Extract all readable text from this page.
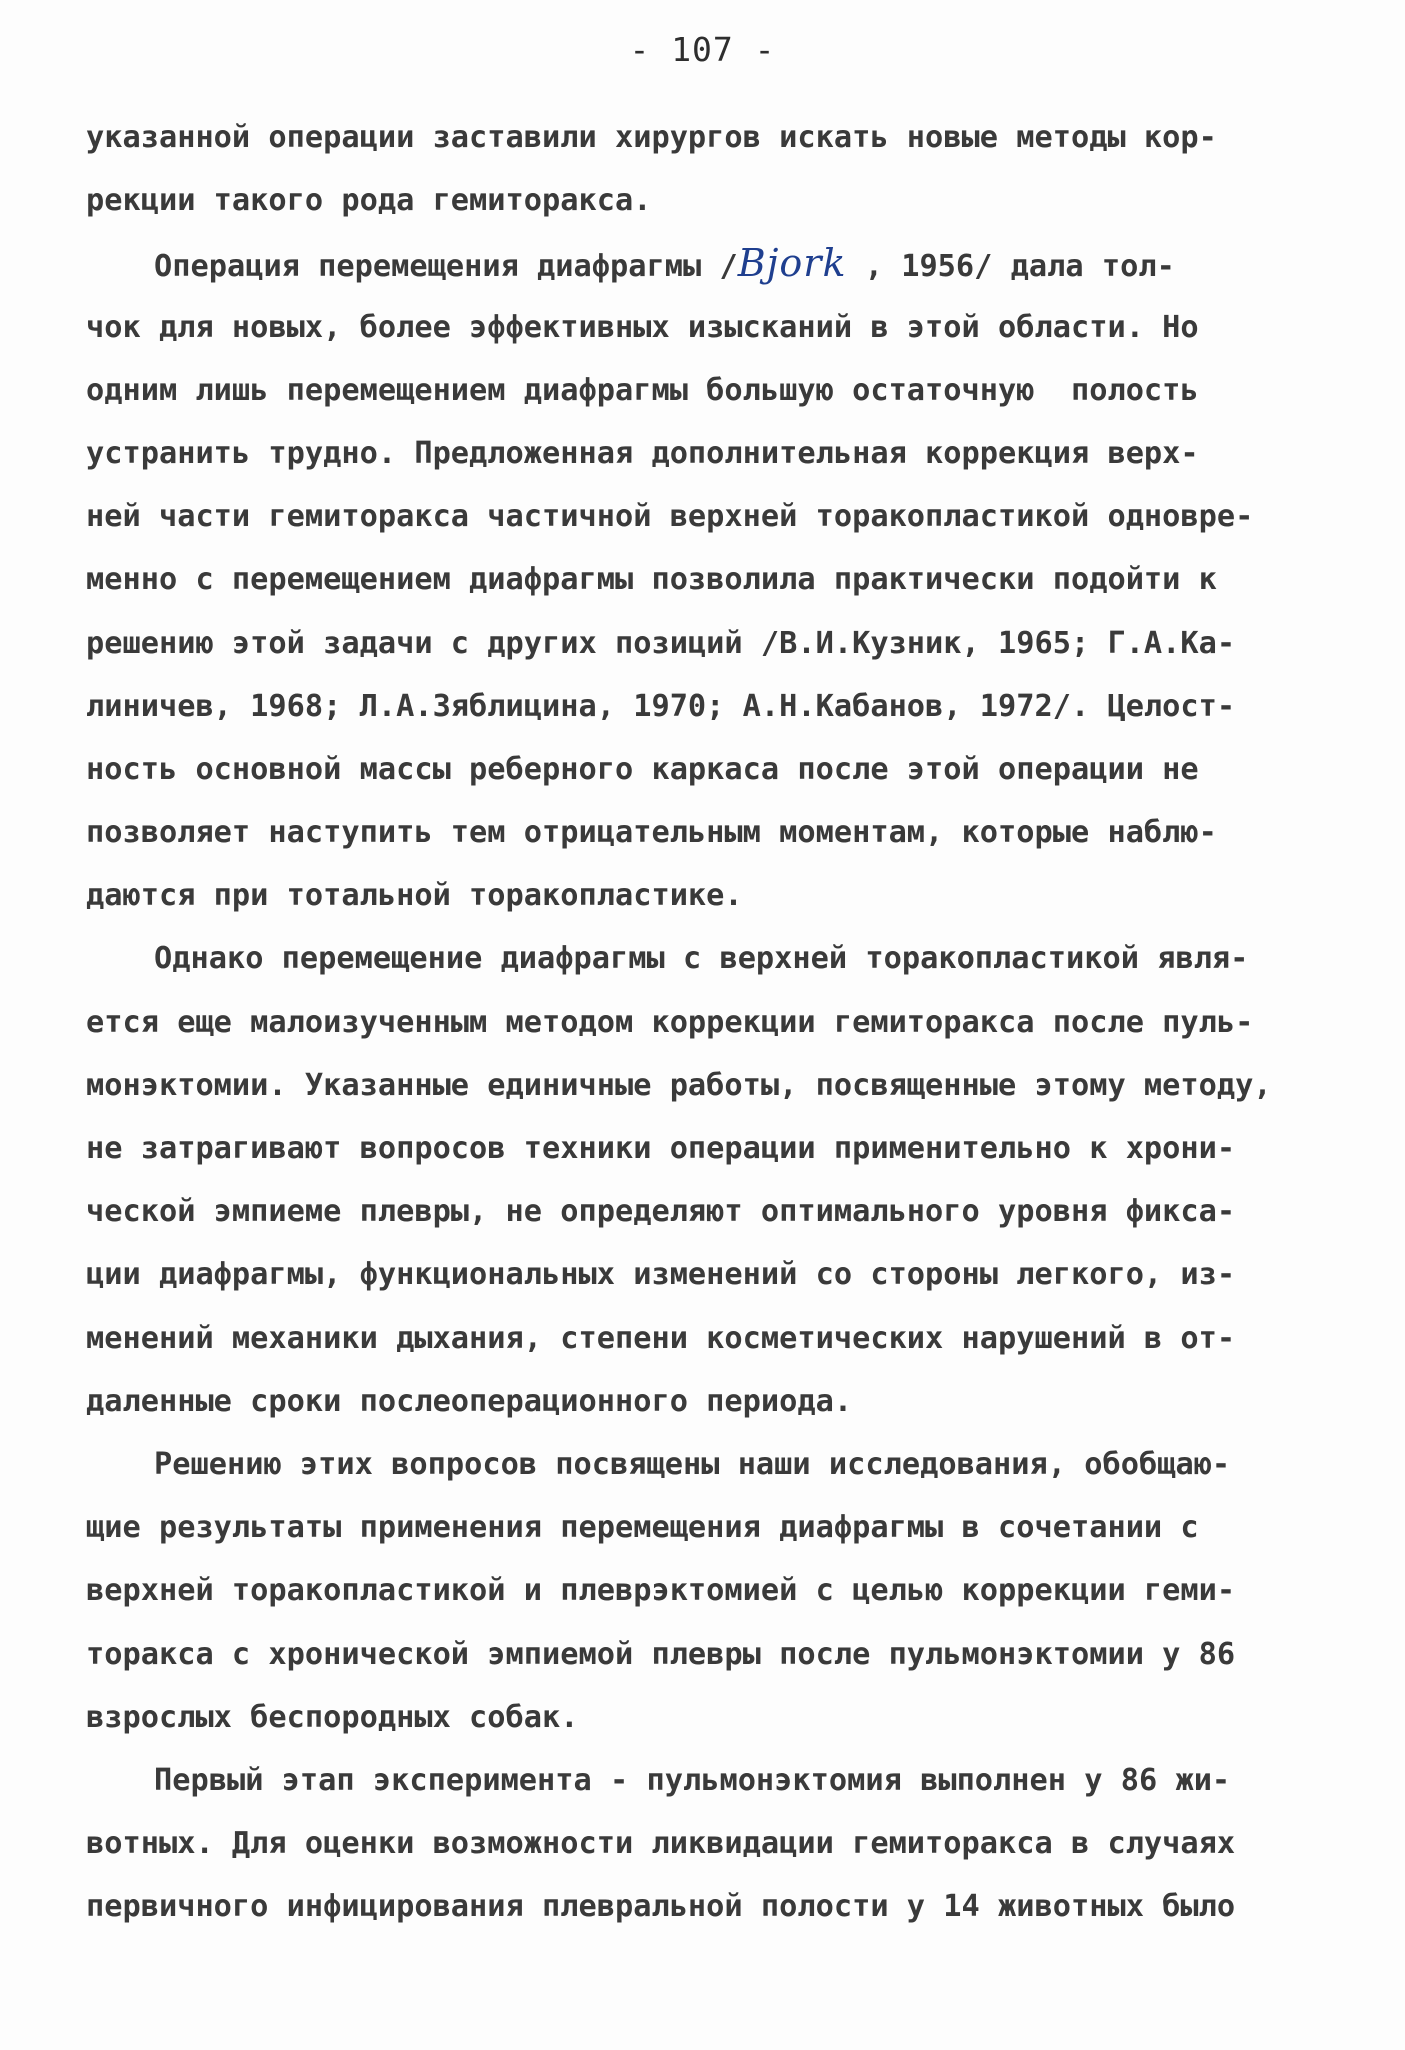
- 107 -
указанной операции заставили хирургов искать новые методы кор-
рекции такого рода гемиторакса.
Операция перемещения диафрагмы /Bjork , 1956/ дала тол-
чок для новых, более эффективных изысканий в этой области. Но
одним лишь перемещением диафрагмы большую остаточную  полость
устранить трудно. Предложенная дополнительная коррекция верх-
ней части гемиторакса частичной верхней торакопластикой одновре-
менно с перемещением диафрагмы позволила практически подойти к
решению этой задачи с других позиций /В.И.Кузник, 1965; Г.А.Ка-
линичев, 1968; Л.А.Зяблицина, 1970; А.Н.Кабанов, 1972/. Целост-
ность основной массы реберного каркаса после этой операции не
позволяет наступить тем отрицательным моментам, которые наблю-
даются при тотальной торакопластике.
Однако перемещение диафрагмы с верхней торакопластикой явля-
ется еще малоизученным методом коррекции гемиторакса после пуль-
монэктомии. Указанные единичные работы, посвященные этому методу,
не затрагивают вопросов техники операции применительно к хрони-
ческой эмпиеме плевры, не определяют оптимального уровня фикса-
ции диафрагмы, функциональных изменений со стороны легкого, из-
менений механики дыхания, степени косметических нарушений в от-
даленные сроки послеоперационного периода.
Решению этих вопросов посвящены наши исследования, обобщаю-
щие результаты применения перемещения диафрагмы в сочетании с
верхней торакопластикой и плеврэктомией с целью коррекции геми-
торакса с хронической эмпиемой плевры после пульмонэктомии у 86
взрослых беспородных собак.
Первый этап эксперимента - пульмонэктомия выполнен у 86 жи-
вотных. Для оценки возможности ликвидации гемиторакса в случаях
первичного инфицирования плевральной полости у 14 животных было
